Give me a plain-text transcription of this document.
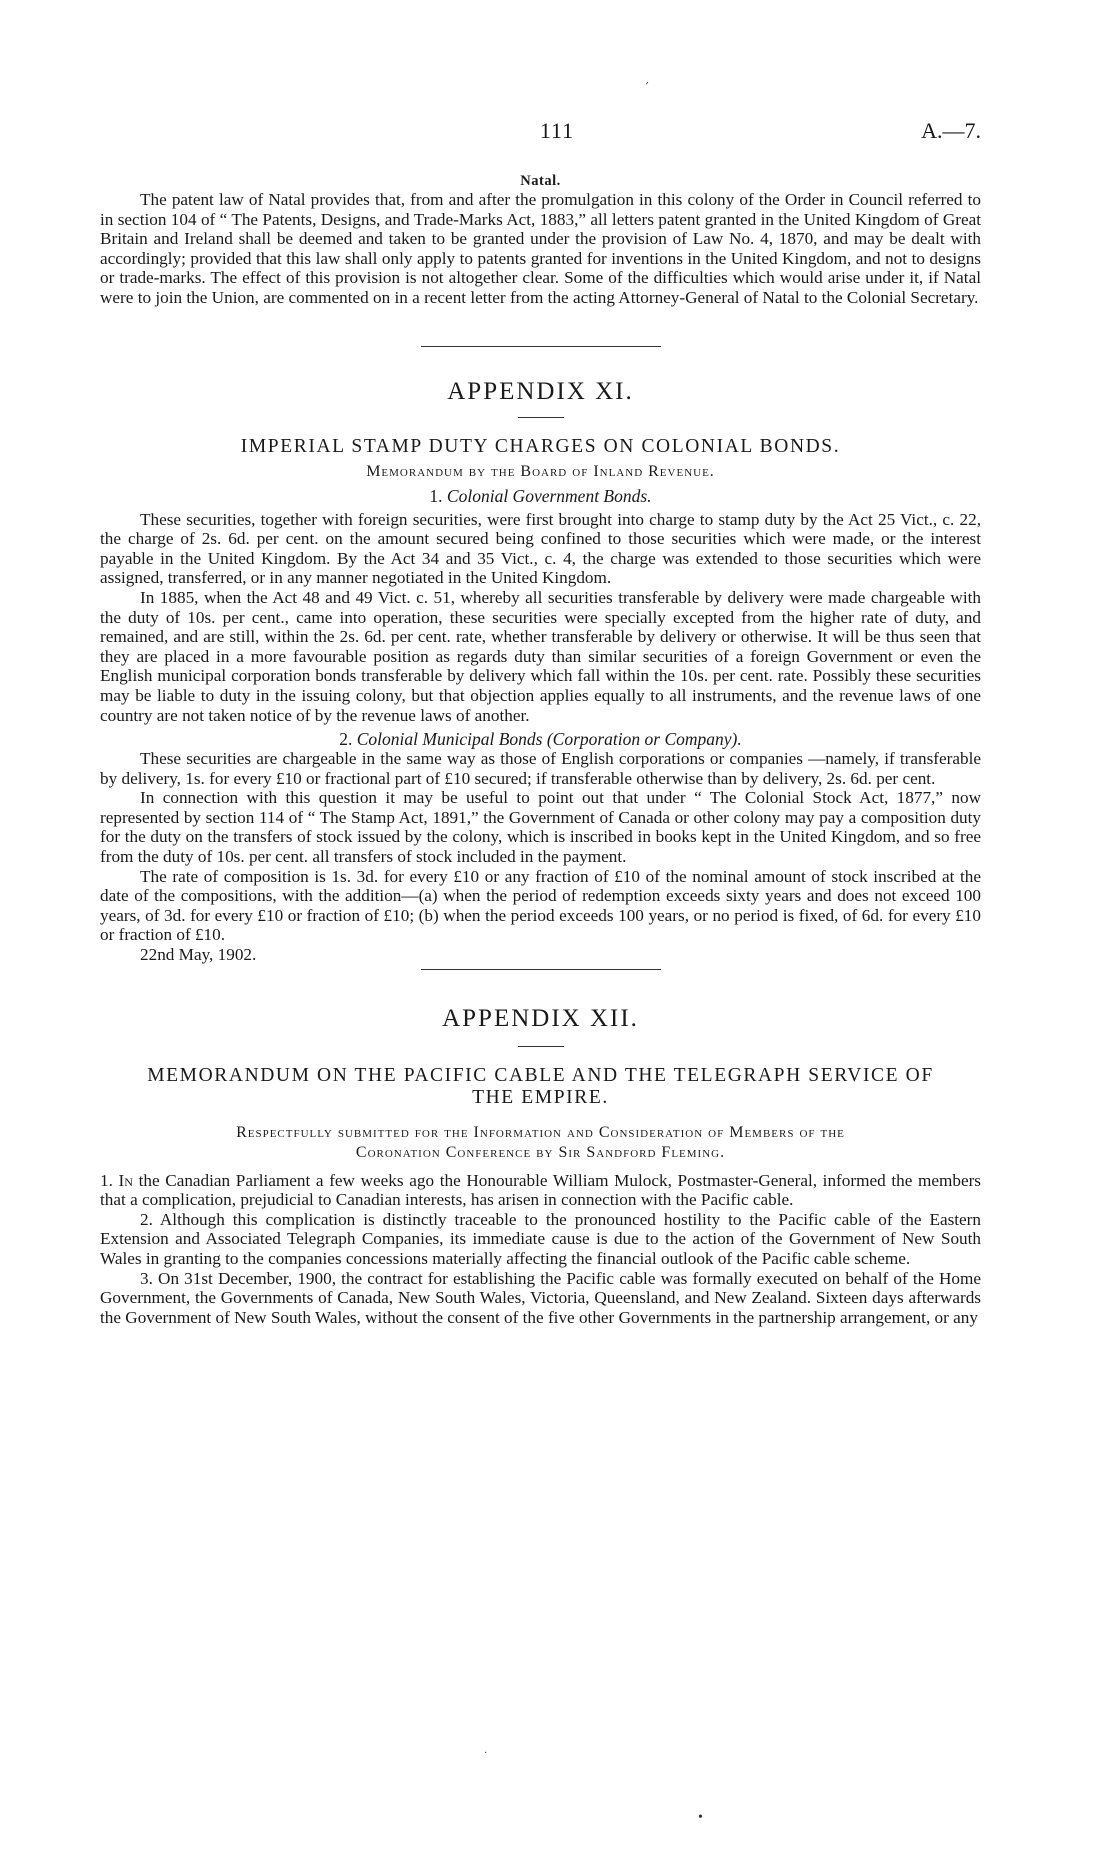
'
111	A.—7.
Natal.

The patent law of Natal provides that, from and after the promulgation in this colony of the Order in Council referred to in section 104 of “ The Patents, Designs, and Trade-Marks Act, 1883,” all letters patent granted in the United Kingdom of Great Britain and Ireland shall be deemed and taken to be granted under the provision of Law No. 4, 1870, and may be dealt with accordingly; provided that this law shall only apply to patents granted for inventions in the United Kingdom, and not to designs or trade-marks. The effect of this provision is not altogether clear. Some of the difficulties which would arise under it, if Natal were to join the Union, are commented on in a recent letter from the acting Attorney-General of Natal to the Colonial Secretary.

APPENDIX XI.
IMPERIAL STAMP DUTY CHARGES ON COLONIAL BONDS.
Memorandum by the Board of Inland Revenue.
1. Colonial Government Bonds.

These securities, together with foreign securities, were first brought into charge to stamp duty by the Act 25 Vict., c. 22, the charge of 2s. 6d. per cent. on the amount secured being confined to those securities which were made, or the interest payable in the United Kingdom. By the Act 34 and 35 Vict., c. 4, the charge was extended to those securities which were assigned, transferred, or in any manner negotiated in the United Kingdom.

In 1885, when the Act 48 and 49 Vict. c. 51, whereby all securities transferable by delivery were made chargeable with the duty of 10s. per cent., came into operation, these securities were specially excepted from the higher rate of duty, and remained, and are still, within the 2s. 6d. per cent. rate, whether transferable by delivery or otherwise. It will be thus seen that they are placed in a more favourable position as regards duty than similar securities of a foreign Government or even the English municipal corporation bonds transferable by delivery which fall within the 10s. per cent. rate. Possibly these securities may be liable to duty in the issuing colony, but that objection applies equally to all instruments, and the revenue laws of one country are not taken notice of by the revenue laws of another.

2. Colonial Municipal Bonds (Corporation or Company).

These securities are chargeable in the same way as those of English corporations or companies —namely, if transferable by delivery, 1s. for every £10 or fractional part of £10 secured; if transferable otherwise than by delivery, 2s. 6d. per cent.

In connection with this question it may be useful to point out that under “ The Colonial Stock Act, 1877,” now represented by section 114 of “ The Stamp Act, 1891,” the Government of Canada or other colony may pay a composition duty for the duty on the transfers of stock issued by the colony, which is inscribed in books kept in the United Kingdom, and so free from the duty of 10s. per cent. all transfers of stock included in the payment.

The rate of composition is 1s. 3d. for every £10 or any fraction of £10 of the nominal amount of stock inscribed at the date of the compositions, with the addition—(a) when the period of redemption exceeds sixty years and does not exceed 100 years, of 3d. for every £10 or fraction of £10; (b) when the period exceeds 100 years, or no period is fixed, of 6d. for every £10 or fraction of £10.

22nd May, 1902.

APPENDIX XII.
MEMORANDUM ON THE PACIFIC CABLE AND THE TELEGRAPH SERVICE OF
THE EMPIRE.
Respectfully submitted for the Information and Consideration of Members of the
Coronation Conference by Sir Sandford Fleming.

1. In the Canadian Parliament a few weeks ago the Honourable William Mulock, Postmaster-General, informed the members that a complication, prejudicial to Canadian interests, has arisen in connection with the Pacific cable.

2. Although this complication is distinctly traceable to the pronounced hostility to the Pacific cable of the Eastern Extension and Associated Telegraph Companies, its immediate cause is due to the action of the Government of New South Wales in granting to the companies concessions materially affecting the financial outlook of the Pacific cable scheme.

3. On 31st December, 1900, the contract for establishing the Pacific cable was formally executed on behalf of the Home Government, the Governments of Canada, New South Wales, Victoria, Queensland, and New Zealand. Sixteen days afterwards the Government of New South Wales, without the consent of the five other Governments in the partnership arrangement, or any

·
•
